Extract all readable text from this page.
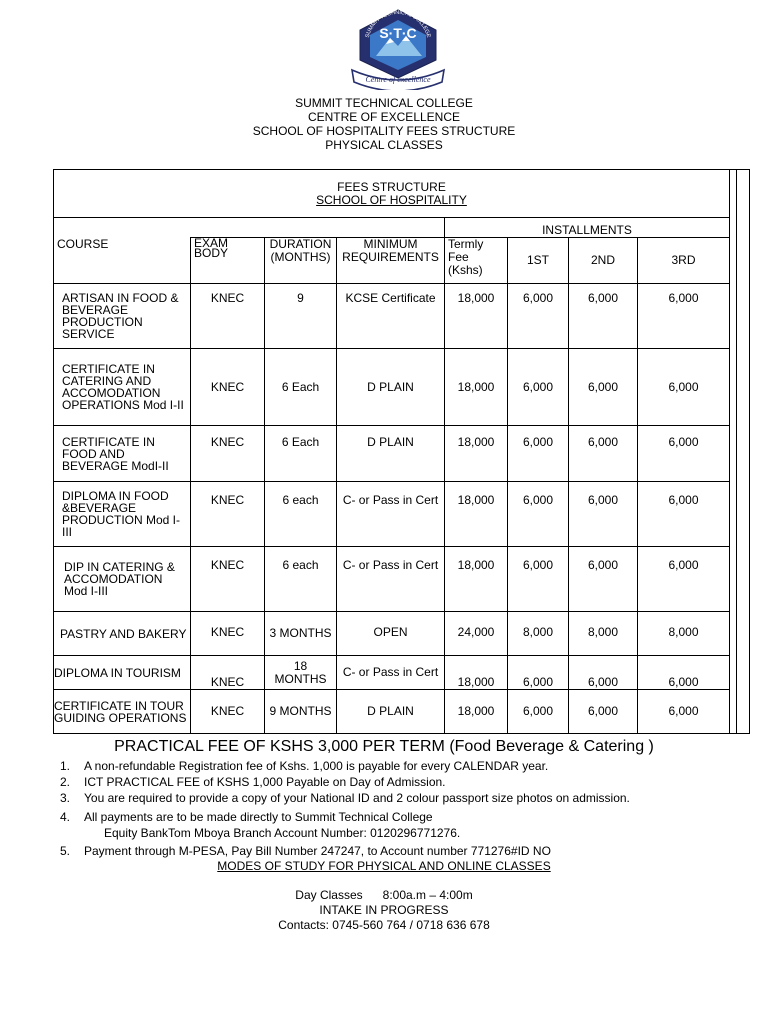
S·T·C
SUMMIT TECHNICAL COLLEGE
Centre of excellence
SUMMIT TECHNICAL COLLEGE
CENTRE OF EXCELLENCE
SCHOOL OF HOSPITALITY FEES STRUCTURE
PHYSICAL CLASSES
FEES STRUCTURE
SCHOOL OF HOSPITALITY									

				INSTALLMENTS					
COURSE	EXAM BODY	DURATION (MONTHS)	MINIMUM REQUIREMENTS	Termly Fee (Kshs)	1ST	2ND	3RD		
ARTISAN IN FOOD & BEVERAGE PRODUCTION SERVICE	KNEC	9	KCSE Certificate	18,000	6,000	6,000	6,000		
CERTIFICATE IN CATERING AND ACCOMODATION OPERATIONS Mod I-II	KNEC	6 Each	D PLAIN	18,000	6,000	6,000	6,000		
CERTIFICATE IN FOOD AND BEVERAGE ModI-II	KNEC	6 Each	D PLAIN	18,000	6,000	6,000	6,000		
DIPLOMA IN FOOD &BEVERAGE PRODUCTION Mod I-III	KNEC	6 each	C- or Pass in Cert	18,000	6,000	6,000	6,000		
DIP IN CATERING & ACCOMODATION Mod I-III	KNEC	6 each	C- or Pass in Cert	18,000	6,000	6,000	6,000		
PASTRY AND BAKERY	KNEC	3 MONTHS	OPEN	24,000	8,000	8,000	8,000		
DIPLOMA IN TOURISM	KNEC	18 MONTHS	C- or Pass in Cert	18,000	6,000	6,000	6,000		
CERTIFICATE IN TOUR GUIDING OPERATIONS	KNEC	9 MONTHS	D PLAIN	18,000	6,000	6,000	6,000		
PRACTICAL FEE OF KSHS 3,000 PER TERM (Food Beverage & Catering )
1. A non-refundable Registration fee of Kshs. 1,000 is payable for every CALENDAR year.
2. ICT PRACTICAL FEE of KSHS 1,000 Payable on Day of Admission.
3. You are required to provide a copy of your National ID and 2 colour passport size photos on admission.
4. All payments are to be made directly to Summit Technical College
Equity BankTom Mboya Branch Account Number: 0120296771276.
5. Payment through M-PESA, Pay Bill Number 247247, to Account number 771276#ID NO
MODES OF STUDY FOR PHYSICAL AND ONLINE CLASSES
Day Classes      8:00a.m – 4:00m
INTAKE IN PROGRESS
Contacts: 0745-560 764 / 0718 636 678
